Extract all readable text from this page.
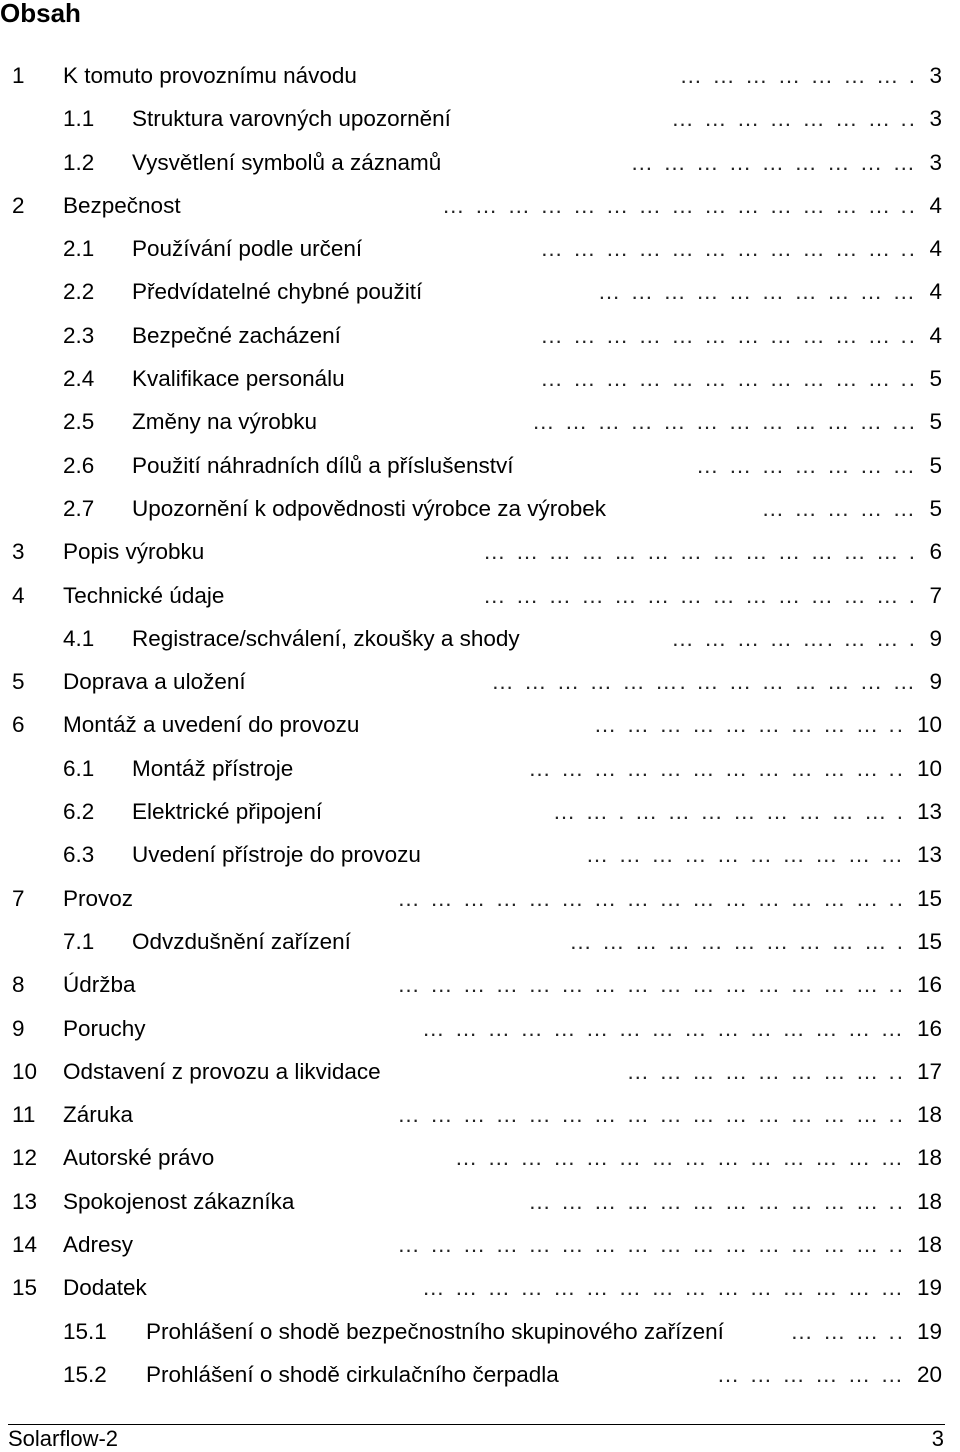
Obsah
1 K tomuto provoznímu návodu	… … … … … … … . 3
1.1 Struktura varovných upozornění	… … … … … … … .. 3
1.2 Vysvětlení symbolů a záznamů	… … … … … … … … … 3
2 Bezpečnost	… … … … … … … … … … … … … … .. 4
2.1 Používání podle určení	… … … … … … … … … … … .. 4
2.2 Předvídatelné chybné použití	… … … … … … … … … … 4
2.3 Bezpečné zacházení	… … … … … … … … … … … .. 4
2.4 Kvalifikace personálu	… … … … … … … … … … … .. 5
2.5 Změny na výrobku	… … … … … … … … … … … ... 5
2.6 Použití náhradních dílů a příslušenství	… … … … … … … 5
2.7 Upozornění k odpovědnosti výrobce za výrobek	… … … … … 5
3 Popis výrobku	… … … … … … … … … … … … … . 6
4 Technické údaje	… … … … … … … … … … … … … . 7
4.1 Registrace/schválení, zkoušky a shody	… … … … …. … … . 9
5 Doprava a uložení	… … … … … …. … … … … … … … 9
6 Montáž a uvedení do provozu	… … … … … … … … … .. 10
6.1 Montáž přístroje	… … … … … … … … … … … .. 10
6.2 Elektrické připojení	… … . … … … … … … … … . 13
6.3 Uvedení přístroje do provozu	… … … … … … … … … … 13
7 Provoz	… … … … … … … … … … … … … … … .. 15
7.1 Odvzdušnění zařízení	… … … … … … … … … … . 15
8 Údržba	… … … … … … … … … … … … … … … .. 16
9 Poruchy	… … … … … … … … … … … … … … … 16
10 Odstavení z provozu a likvidace	… … … … … … … … .. 17
11 Záruka	… … … … … … … … … … … … … … … .. 18
12 Autorské právo	… … … … … … … … … … … … … … 18
13 Spokojenost zákazníka	… … … … … … … … … … … .. 18
14 Adresy	… … … … … … … … … … … … … … … .. 18
15 Dodatek	… … … … … … … … … … … … … … … 19
15.1 Prohlášení o shodě bezpečnostního skupinového zařízení	… … … .. 19
15.2 Prohlášení o shodě cirkulačního čerpadla	… … … … … … 20
Solarflow-2	3
